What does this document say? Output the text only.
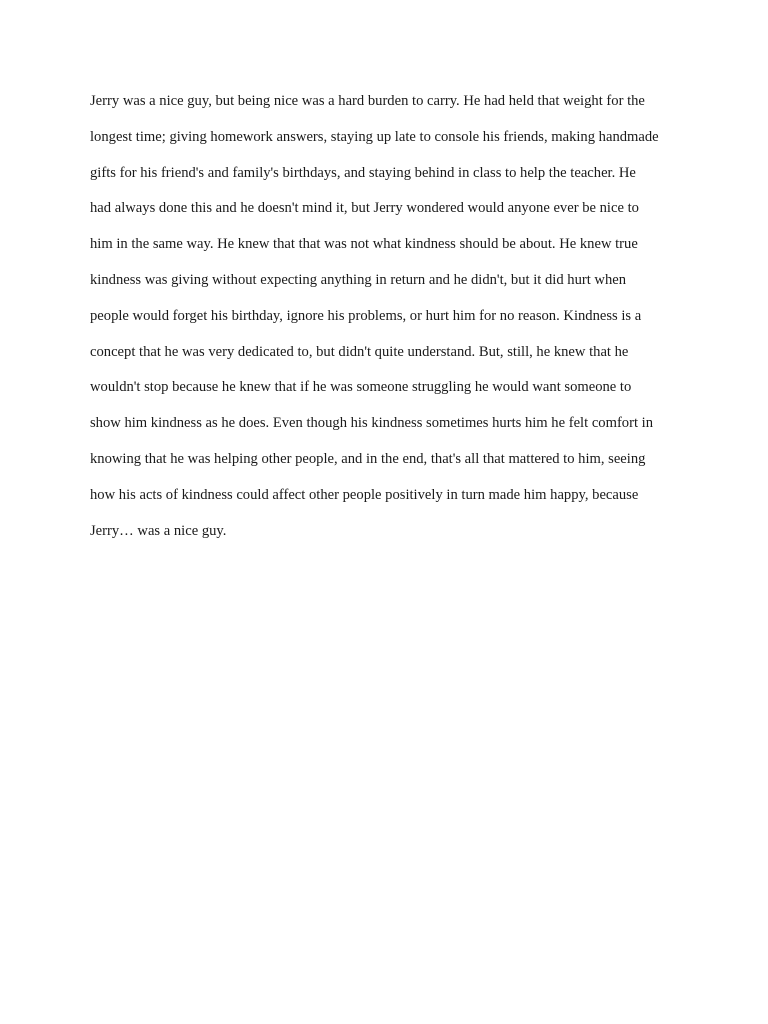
Jerry was a nice guy, but being nice was a hard burden to carry. He had held that weight for the
longest time; giving homework answers, staying up late to console his friends, making handmade
gifts for his friend's and family's birthdays, and staying behind in class to help the teacher. He
had always done this and he doesn't mind it, but Jerry wondered would anyone ever be nice to
him in the same way. He knew that that was not what kindness should be about. He knew true
kindness was giving without expecting anything in return and he didn't, but it did hurt when
people would forget his birthday, ignore his problems, or hurt him for no reason. Kindness is a
concept that he was very dedicated to, but didn't quite understand. But, still, he knew that he
wouldn't stop because he knew that if he was someone struggling he would want someone to
show him kindness as he does. Even though his kindness sometimes hurts him he felt comfort in
knowing that he was helping other people, and in the end, that's all that mattered to him, seeing
how his acts of kindness could affect other people positively in turn made him happy, because
Jerry… was a nice guy.
